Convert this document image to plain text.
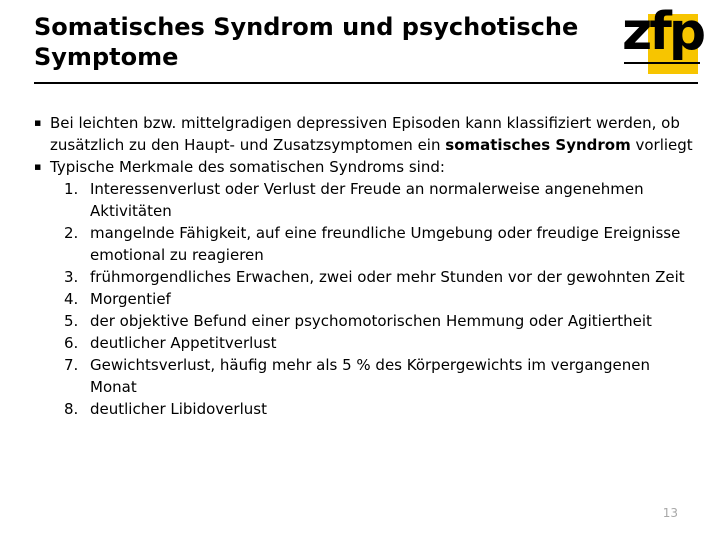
Somatisches Syndrom und psychotische Symptome	zfp

▪ Bei leichten bzw. mittelgradigen depressiven Episoden kann klassifiziert werden, ob zusätzlich zu den Haupt- und Zusatzsymptomen ein somatisches Syndrom vorliegt

▪ Typische Merkmale des somatischen Syndroms sind:

1. Interessenverlust oder Verlust der Freude an normalerweise angenehmen Aktivitäten
2. mangelnde Fähigkeit, auf eine freundliche Umgebung oder freudige Ereignisse emotional zu reagieren
3. frühmorgendliches Erwachen, zwei oder mehr Stunden vor der gewohnten Zeit
4. Morgentief
5. der objektive Befund einer psychomotorischen Hemmung oder Agitiertheit
6. deutlicher Appetitverlust
7. Gewichtsverlust, häufig mehr als 5 % des Körpergewichts im vergangenen Monat
8. deutlicher Libidoverlust
13
